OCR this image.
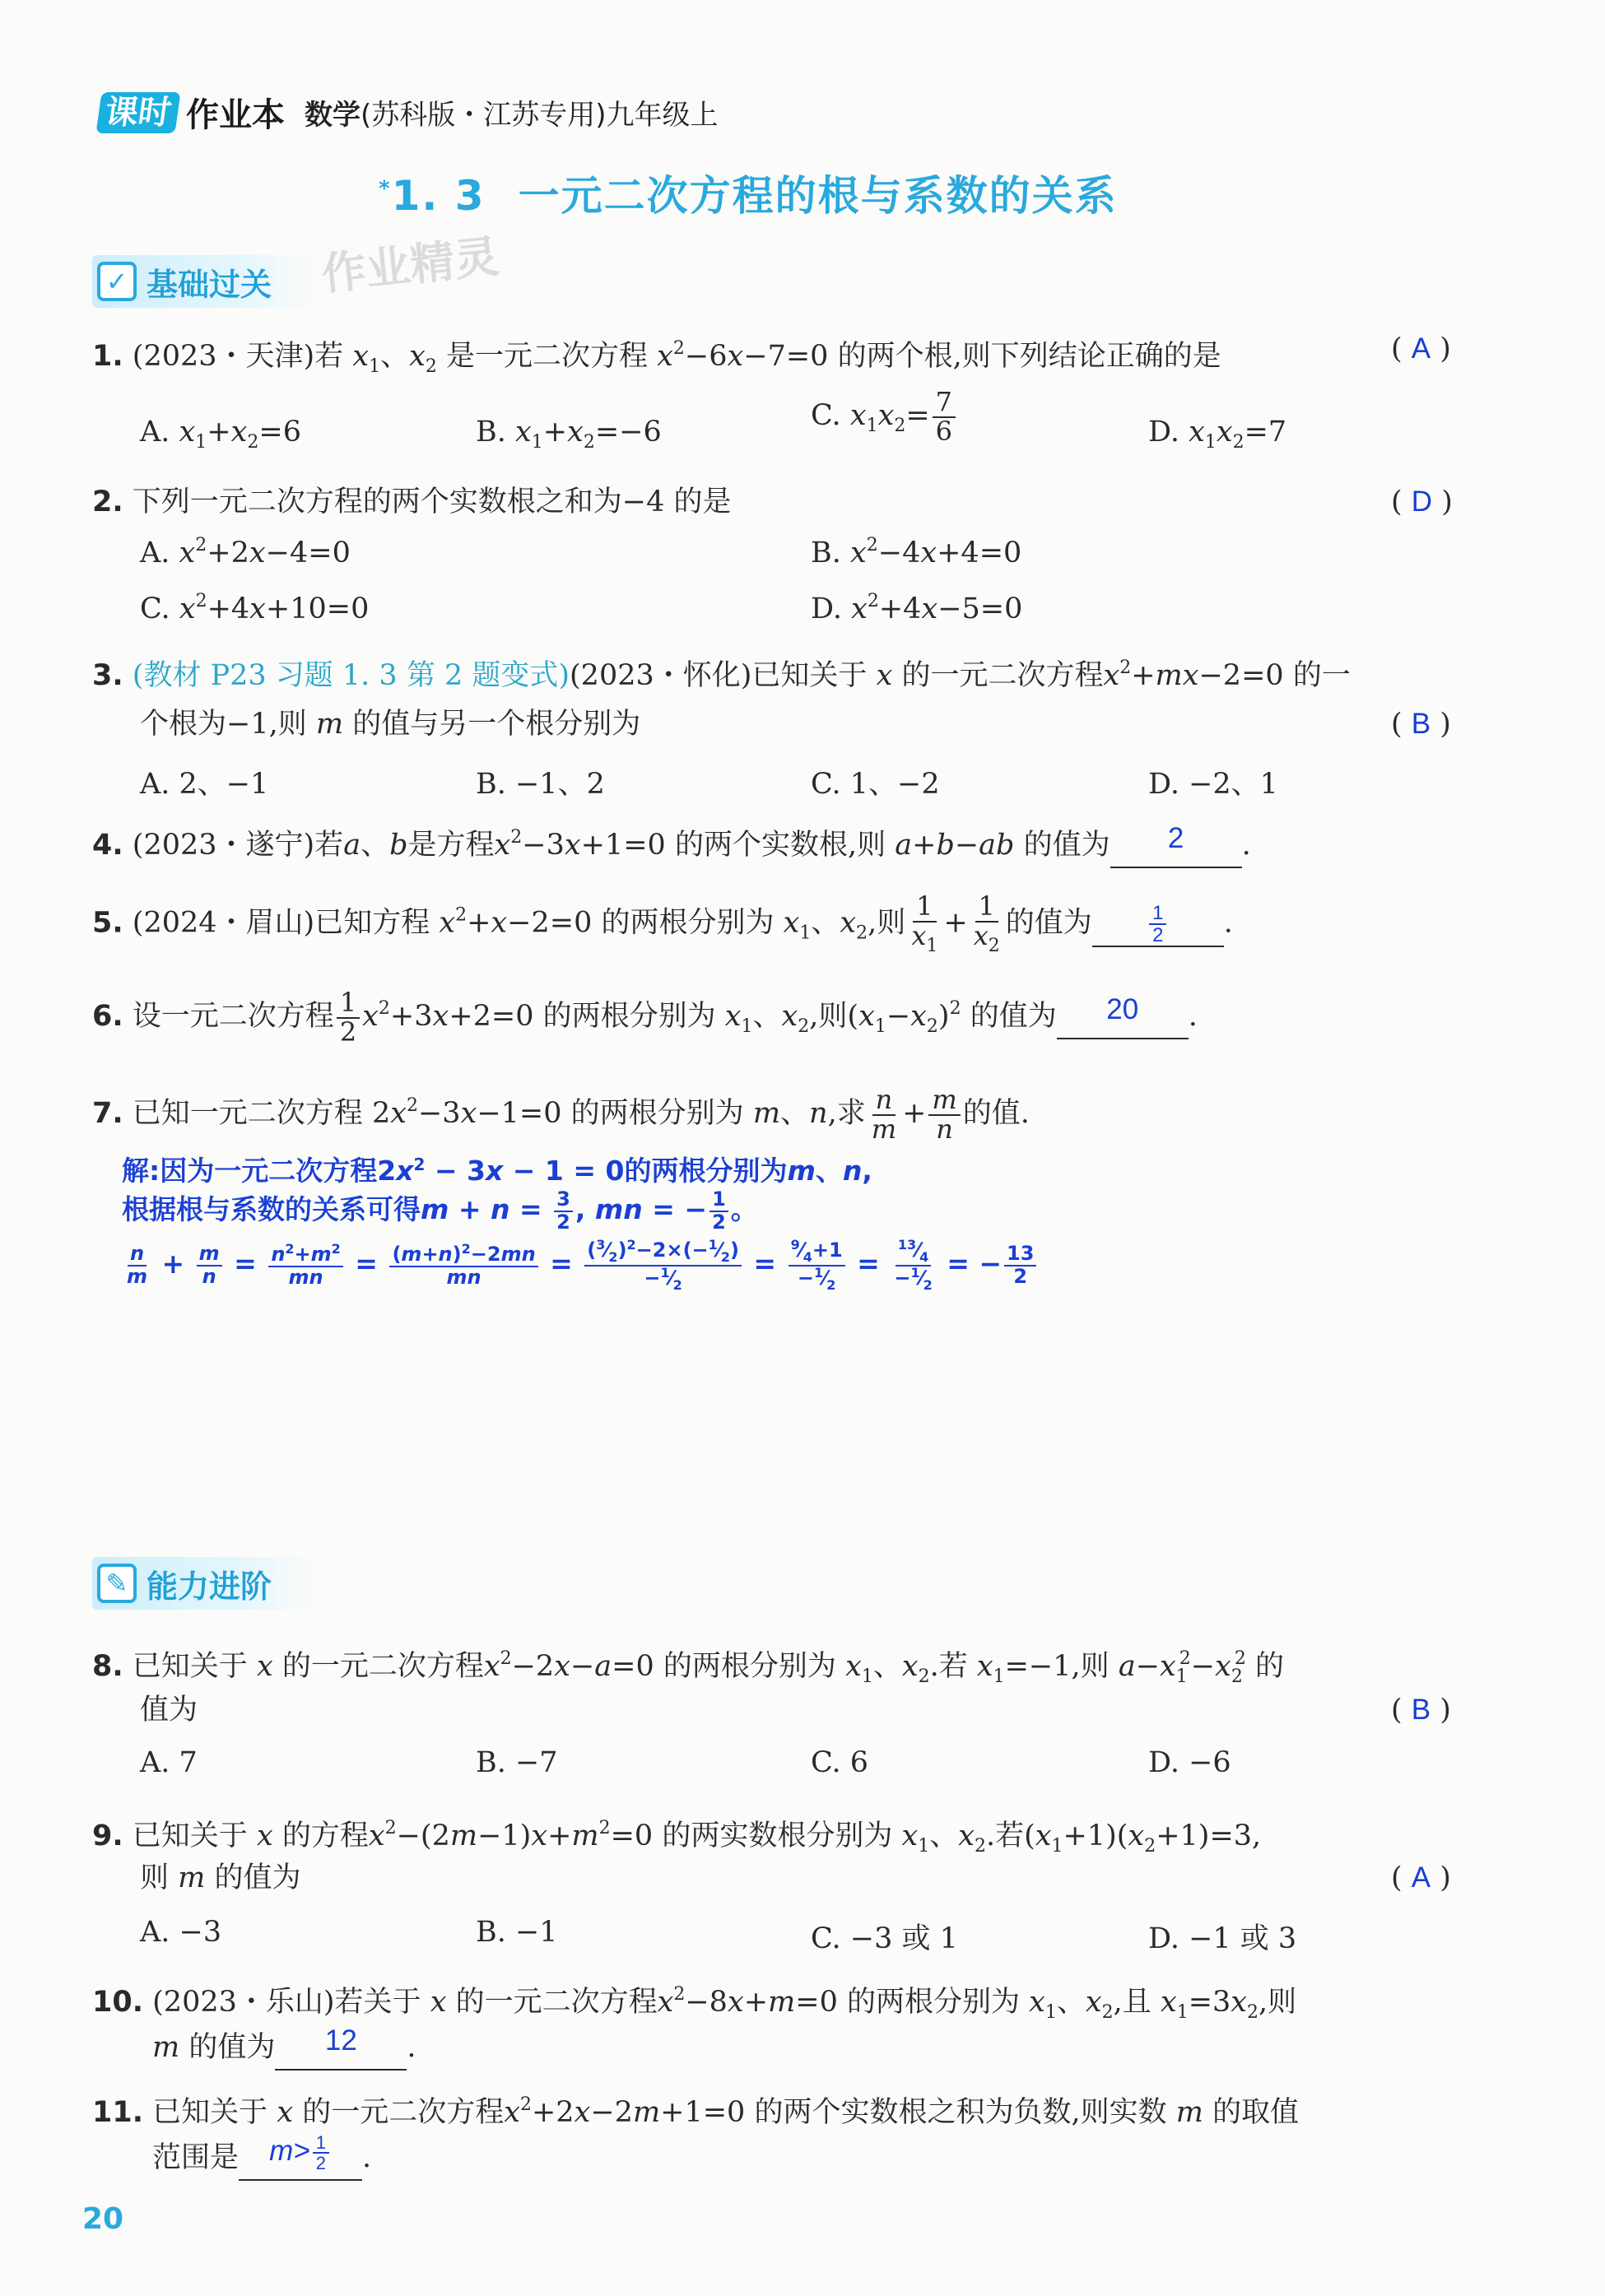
课时 作业本 数学(苏科版・江苏专用)九年级上
*1. 3 一元二次方程的根与系数的关系
作业精灵
✓ 基础过关
1. (2023・天津)若 $x_1$、$x_2$ 是一元二次方程 $x^2-6x-7=0$ 的两个根,则下列结论正确的是	( A )
A. $x_1+x_2=6$	B. $x_1+x_2=-6$	C. $x_1x_2= \frac{7}{6}$	D. $x_1x_2=7$
2. 下列一元二次方程的两个实数根之和为−4 的是	( D )
A. $x^2+2x-4=0$	B. $x^2-4x+4=0$
C. $x^2+4x+10=0$	D. $x^2+4x-5=0$
3. (教材 P23 习题 1. 3 第 2 题变式)(2023・怀化)已知关于 x 的一元二次方程$x^2+mx-2=0$ 的一
个根为−1,则 m 的值与另一个根分别为	( B )
A. 2、−1	B. −1、2	C. 1、−2	D. −2、1
4. (2023・遂宁)若a、b是方程$x^2-3x+1=0$ 的两个实数根,则 a+b−ab 的值为 2 .
5. (2024・眉山)已知方程 $x^2+x-2=0$ 的两根分别为 $x_1$、$x_2$,则 $\frac{1}{x_1} + \frac{1}{x_2}$ 的值为	$\frac{1}{2}$ .
6. 设一元二次方程 $\frac{1}{2} x^2+3x+2=0$ 的两根分别为 $x_1$、$x_2$,则$(x_1-x_2)^2$ 的值为 20 .
7. 已知一元二次方程 $2x^2-3x-1=0$ 的两根分别为 m、n,求 $\frac{n}{m} + \frac{m}{n}$ 的值.
解:因为一元二次方程$2x^2 - 3x - 1 = 0$的两根分别为m、n,
根据根与系数的关系可得$m + n = \frac{3}{2}$ , mn = − $\frac{1}{2}$ 。
$\frac{n}{m} + \frac{m}{n} = \frac{n^2+m^2}{mn} = \frac{(m+n)^2-2mn}{mn} = \frac{(^3⁄_2)^2-2\times(-^1⁄_2)}{-^1⁄_2} = \frac{^9⁄_4+1}{-^1⁄_2} = \frac{^{13}⁄_4}{-^1⁄_2}$ = − $\frac{13}{2}$
✎ 能力进阶
8. 已知关于 x 的一元二次方程$x^2-2x-a=0$ 的两根分别为 $x_1$、$x_2$.若 $x_1=-1$,则 $a-x_1^2-x_2^2$ 的
值为	( B )
A. 7	B. −7	C. 6	D. −6
9. 已知关于 x 的方程$x^2-(2m-1)x+m^2=0$ 的两实数根分别为 $x_1$、$x_2$.若$(x_1+1)(x_2+1)=3$,
则 m 的值为	( A )
A. −3	B. −1	C. −3 或 1	D. −1 或 3
10. (2023・乐山)若关于 x 的一元二次方程$x^2-8x+m=0$ 的两根分别为 $x_1$、$x_2$,且 $x_1=3x_2$,则
m 的值为 12 .
11. 已知关于 x 的一元二次方程$x^2+2x-2m+1=0$ 的两个实数根之积为负数,则实数 m 的取值
范围是 $m> \frac{1}{2}$ .
20
